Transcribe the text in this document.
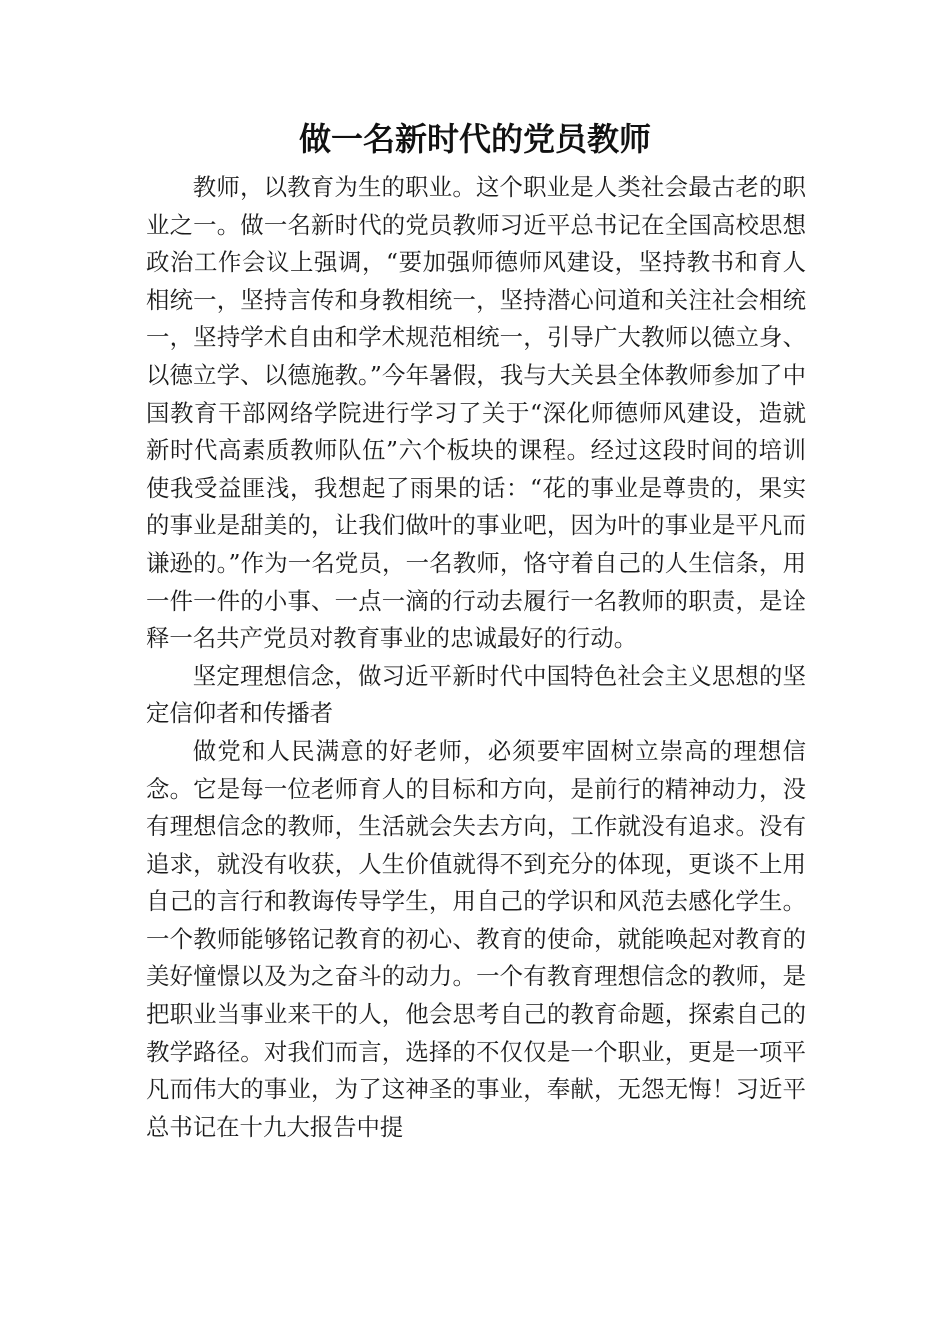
做一名新时代的党员教师

教师，以教育为生的职业。这个职业是人类社会最古老的职业之一。做一名新时代的党员教师习近平总书记在全国高校思想政治工作会议上强调，“要加强师德师风建设，坚持教书和育人相统一，坚持言传和身教相统一，坚持潜心问道和关注社会相统一，坚持学术自由和学术规范相统一，引导广大教师以德立身、以德立学、以德施教。”今年暑假，我与大关县全体教师参加了中国教育干部网络学院进行学习了关于“深化师德师风建设，造就新时代高素质教师队伍”六个板块的课程。经过这段时间的培训使我受益匪浅，我想起了雨果的话：“花的事业是尊贵的，果实的事业是甜美的，让我们做叶的事业吧，因为叶的事业是平凡而谦逊的。”作为一名党员，一名教师，恪守着自己的人生信条，用一件一件的小事、一点一滴的行动去履行一名教师的职责，是诠释一名共产党员对教育事业的忠诚最好的行动。

坚定理想信念，做习近平新时代中国特色社会主义思想的坚定信仰者和传播者

做党和人民满意的好老师，必须要牢固树立崇高的理想信念。它是每一位老师育人的目标和方向，是前行的精神动力，没有理想信念的教师，生活就会失去方向，工作就没有追求。没有追求，就没有收获，人生价值就得不到充分的体现，更谈不上用自己的言行和教诲传导学生，用自己的学识和风范去感化学生。一个教师能够铭记教育的初心、教育的使命，就能唤起对教育的美好憧憬以及为之奋斗的动力。一个有教育理想信念的教师，是把职业当事业来干的人，他会思考自己的教育命题，探索自己的教学路径。对我们而言，选择的不仅仅是一个职业，更是一项平凡而伟大的事业，为了这神圣的事业，奉献，无怨无悔！习近平总书记在十九大报告中提
